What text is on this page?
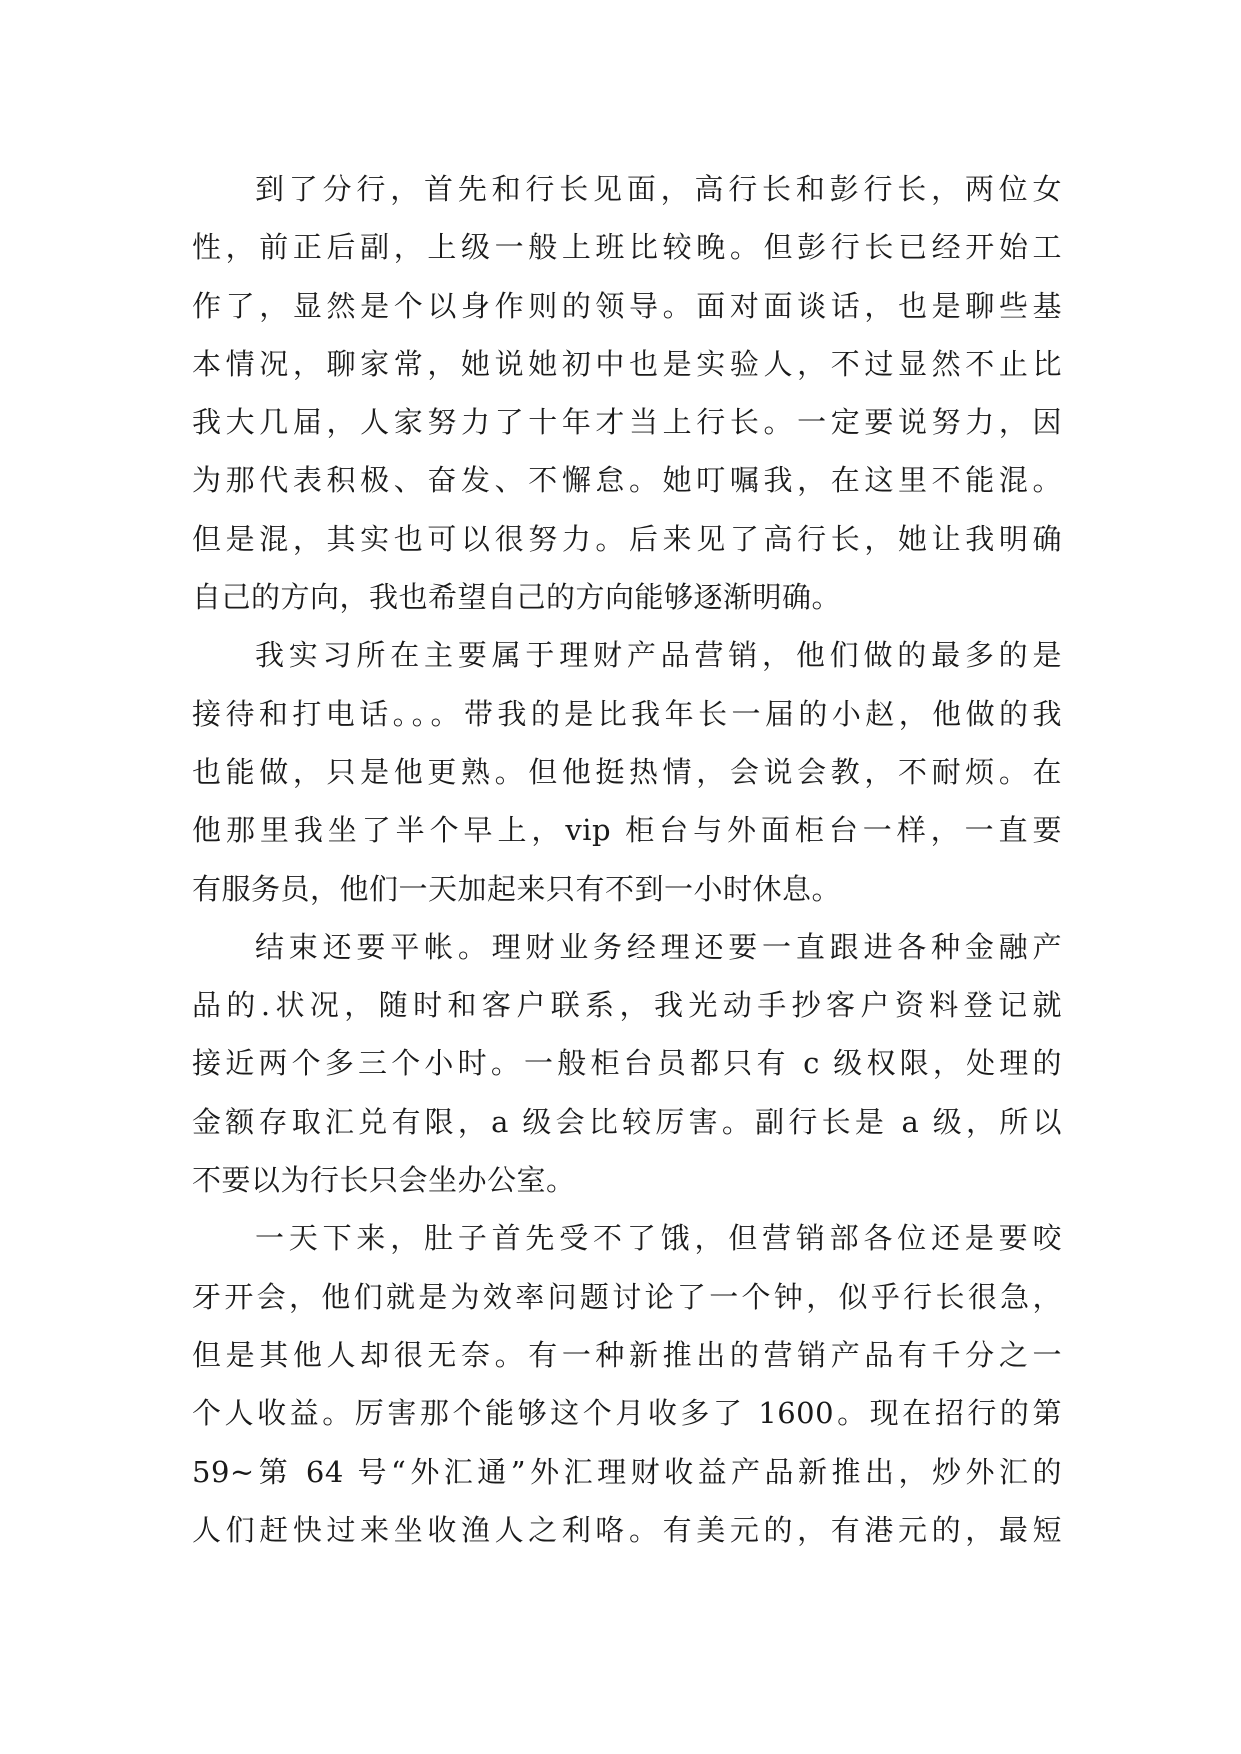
到了分行，首先和行长见面，高行长和彭行长，两位女
性，前正后副，上级一般上班比较晚。但彭行长已经开始工
作了，显然是个以身作则的领导。面对面谈话，也是聊些基
本情况，聊家常，她说她初中也是实验人，不过显然不止比
我大几届，人家努力了十年才当上行长。一定要说努力，因
为那代表积极、奋发、不懈怠。她叮嘱我，在这里不能混。
但是混，其实也可以很努力。后来见了高行长，她让我明确
自己的方向，我也希望自己的方向能够逐渐明确。
我实习所在主要属于理财产品营销，他们做的最多的是
接待和打电话。。。带我的是比我年长一届的小赵，他做的我
也能做，只是他更熟。但他挺热情，会说会教，不耐烦。在
他那里我坐了半个早上，vip 柜台与外面柜台一样，一直要
有服务员，他们一天加起来只有不到一小时休息。
结束还要平帐。理财业务经理还要一直跟进各种金融产
品的.状况，随时和客户联系，我光动手抄客户资料登记就
接近两个多三个小时。一般柜台员都只有 c 级权限，处理的
金额存取汇兑有限，a 级会比较厉害。副行长是 a 级，所以
不要以为行长只会坐办公室。
一天下来，肚子首先受不了饿，但营销部各位还是要咬
牙开会，他们就是为效率问题讨论了一个钟，似乎行长很急，
但是其他人却很无奈。有一种新推出的营销产品有千分之一
个人收益。厉害那个能够这个月收多了 1600。现在招行的第
59~第 64 号“外汇通”外汇理财收益产品新推出，炒外汇的
人们赶快过来坐收渔人之利咯。有美元的，有港元的，最短
